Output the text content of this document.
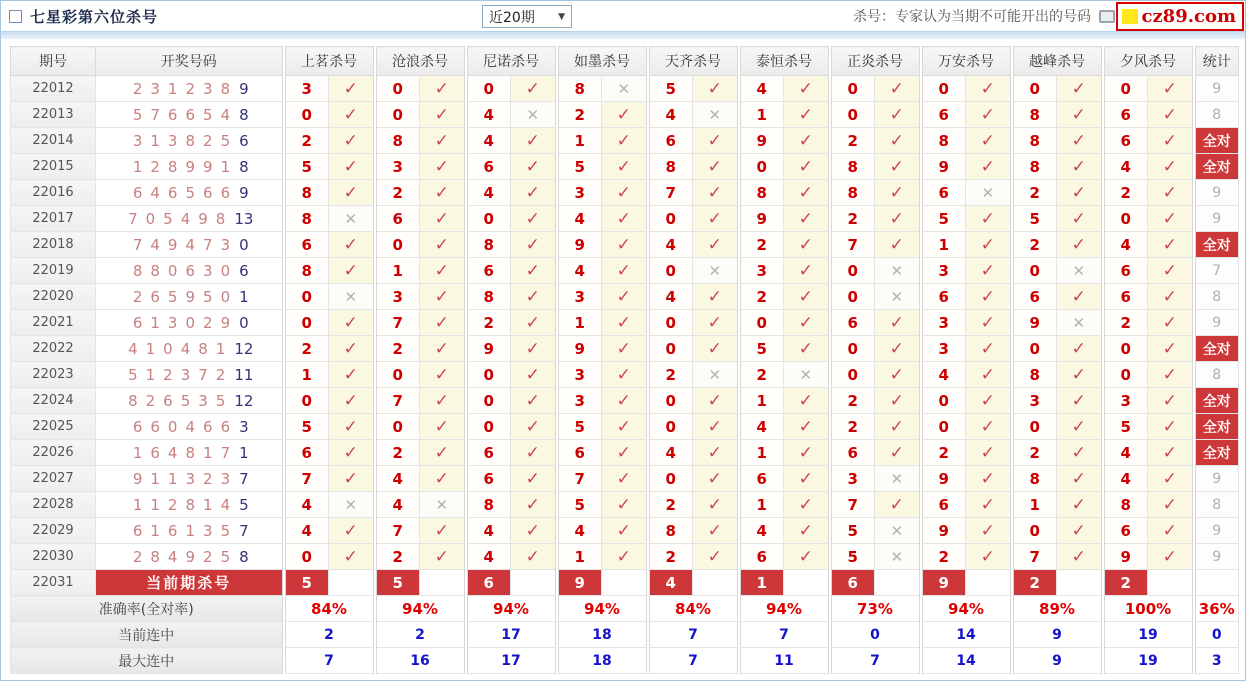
七星彩第六位杀号	近20期	▼	杀号：专家认为当期不可能开出的号码	cz89.com
期号	开奖号码	上茗杀号		沧浪杀号		尼诺杀号		如墨杀号		天齐杀号		泰恒杀号		正炎杀号		万安杀号		越峰杀号		夕风杀号		统计
22012	2 3 1 2 3 8 9	3	✓	0	✓	0	✓	8	✕	5	✓	4	✓	0	✓	0	✓	0	✓	0	✓	9
22013	5 7 6 6 5 4 8	0	✓	0	✓	4	✕	2	✓	4	✕	1	✓	0	✓	6	✓	8	✓	6	✓	8
22014	3 1 3 8 2 5 6	2	✓	8	✓	4	✓	1	✓	6	✓	9	✓	2	✓	8	✓	8	✓	6	✓	全对
22015	1 2 8 9 9 1 8	5	✓	3	✓	6	✓	5	✓	8	✓	0	✓	8	✓	9	✓	8	✓	4	✓	全对
22016	6 4 6 5 6 6 9	8	✓	2	✓	4	✓	3	✓	7	✓	8	✓	8	✓	6	✕	2	✓	2	✓	9
22017	7 0 5 4 9 8 13	8	✕	6	✓	0	✓	4	✓	0	✓	9	✓	2	✓	5	✓	5	✓	0	✓	9
22018	7 4 9 4 7 3 0	6	✓	0	✓	8	✓	9	✓	4	✓	2	✓	7	✓	1	✓	2	✓	4	✓	全对
22019	8 8 0 6 3 0 6	8	✓	1	✓	6	✓	4	✓	0	✕	3	✓	0	✕	3	✓	0	✕	6	✓	7
22020	2 6 5 9 5 0 1	0	✕	3	✓	8	✓	3	✓	4	✓	2	✓	0	✕	6	✓	6	✓	6	✓	8
22021	6 1 3 0 2 9 0	0	✓	7	✓	2	✓	1	✓	0	✓	0	✓	6	✓	3	✓	9	✕	2	✓	9
22022	4 1 0 4 8 1 12	2	✓	2	✓	9	✓	9	✓	0	✓	5	✓	0	✓	3	✓	0	✓	0	✓	全对
22023	5 1 2 3 7 2 11	1	✓	0	✓	0	✓	3	✓	2	✕	2	✕	0	✓	4	✓	8	✓	0	✓	8
22024	8 2 6 5 3 5 12	0	✓	7	✓	0	✓	3	✓	0	✓	1	✓	2	✓	0	✓	3	✓	3	✓	全对
22025	6 6 0 4 6 6 3	5	✓	0	✓	0	✓	5	✓	0	✓	4	✓	2	✓	0	✓	0	✓	5	✓	全对
22026	1 6 4 8 1 7 1	6	✓	2	✓	6	✓	6	✓	4	✓	1	✓	6	✓	2	✓	2	✓	4	✓	全对
22027	9 1 1 3 2 3 7	7	✓	4	✓	6	✓	7	✓	0	✓	6	✓	3	✕	9	✓	8	✓	4	✓	9
22028	1 1 2 8 1 4 5	4	✕	4	✕	8	✓	5	✓	2	✓	1	✓	7	✓	6	✓	1	✓	8	✓	8
22029	6 1 6 1 3 5 7	4	✓	7	✓	4	✓	4	✓	8	✓	4	✓	5	✕	9	✓	0	✓	6	✓	9
22030	2 8 4 9 2 5 8	0	✓	2	✓	4	✓	1	✓	2	✓	6	✓	5	✕	2	✓	7	✓	9	✓	9
22031	当前期杀号	5		5		6		9		4		1		6		9		2		2		
准确率(全对率)		84%		94%		94%		94%		84%		94%		73%		94%		89%		100%		36%
当前连中		2		2		17		18		7		7		0		14		9		19		0
最大连中		7		16		17		18		7		11		7		14		9		19		3
